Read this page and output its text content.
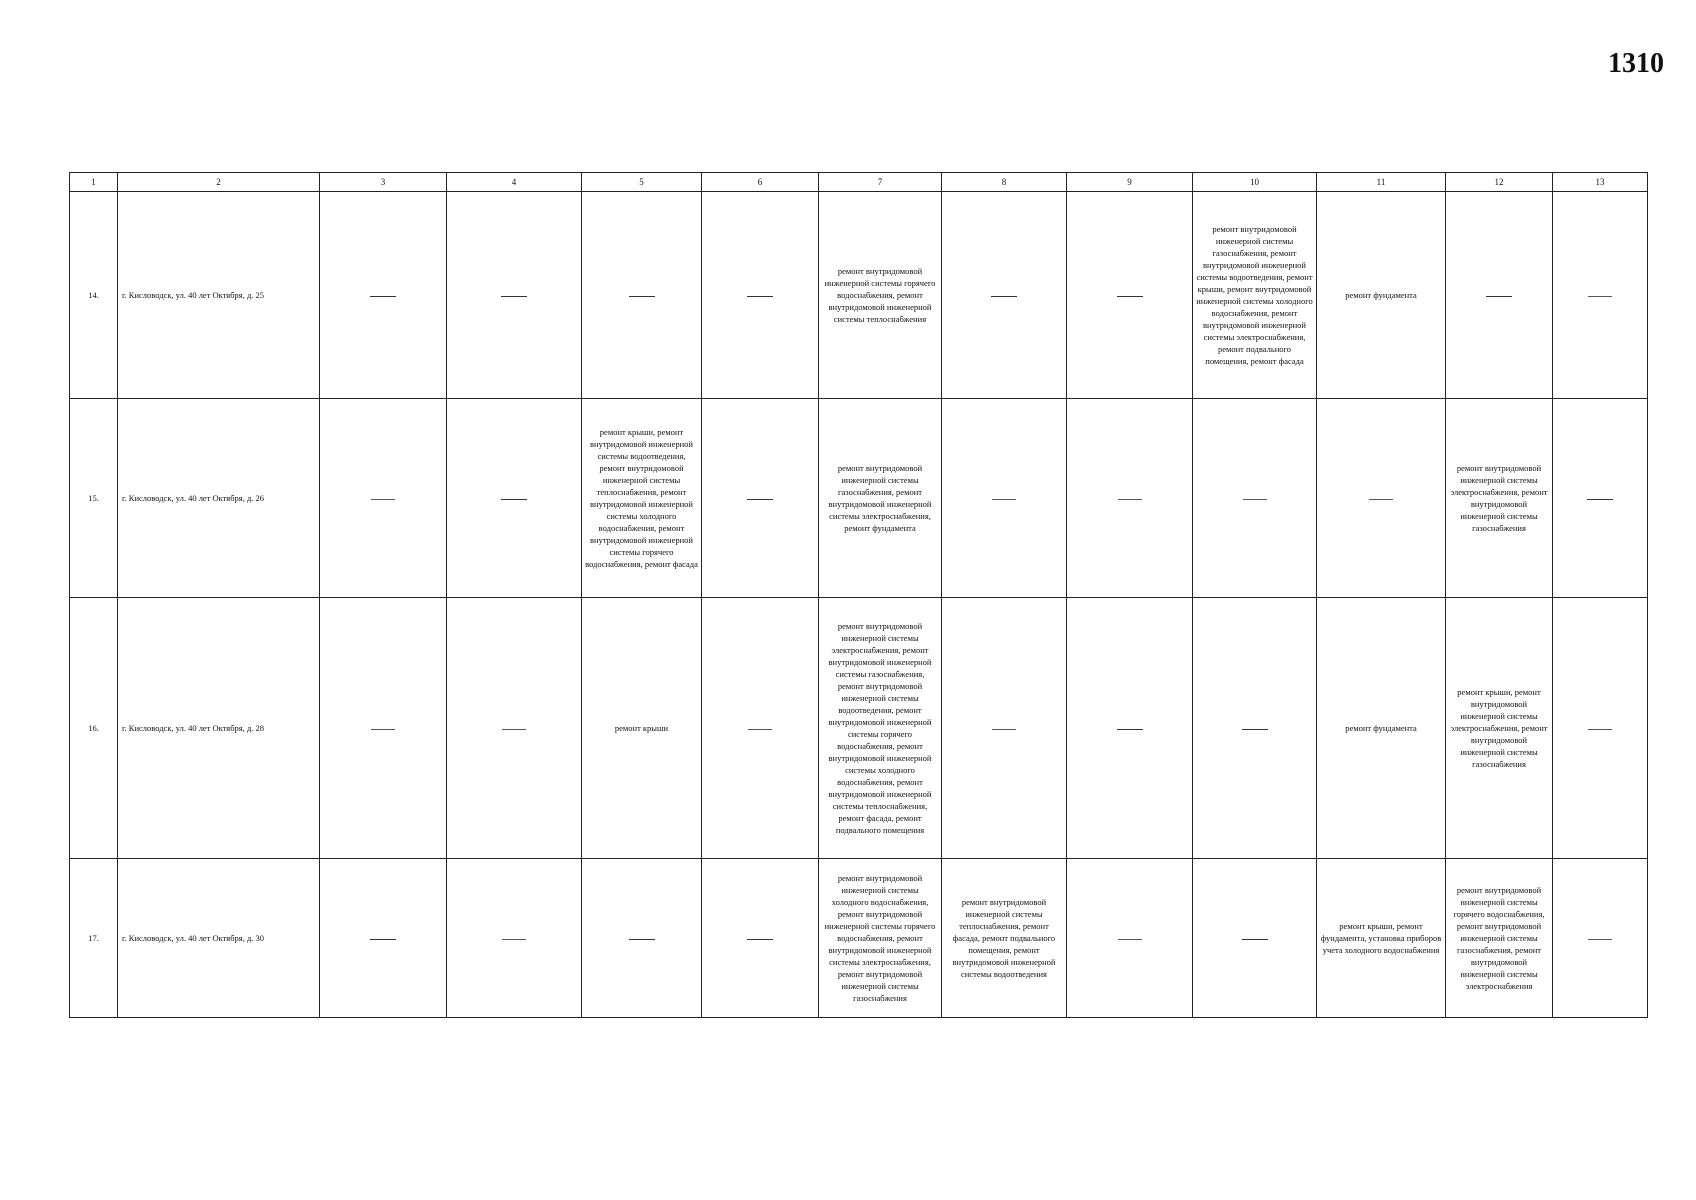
1310
1	2	3	4	5	6	7	8	9	10	11	12	13
14.	г. Кисловодск, ул. 40 лет Октября, д. 25					ремонт внутридомовой инженерной системы горячего водоснабжения, ремонт внутридомовой инженерной системы теплоснабжения			ремонт внутридомовой инженерной системы газоснабжения, ремонт внутридомовой инженерной системы водоотведения, ремонт крыши, ремонт внутридомовой инженерной системы холодного водоснабжения, ремонт внутридомовой инженерной системы электроснабжения, ремонт подвального помещения, ремонт фасада	ремонт фундамента		
15.	г. Кисловодск, ул. 40 лет Октября, д. 26			ремонт крыши, ремонт внутридомовой инженерной системы водоотведения, ремонт внутридомовой инженерной системы теплоснабжения, ремонт внутридомовой инженерной системы холодного водоснабжения, ремонт внутридомовой инженерной системы горячего водоснабжения, ремонт фасада		ремонт внутридомовой инженерной системы газоснабжения, ремонт внутридомовой инженерной системы электроснабжения, ремонт фундамента					ремонт внутридомовой инженерной системы электроснабжения, ремонт внутридомовой инженерной системы газоснабжения	
16.	г. Кисловодск, ул. 40 лет Октября, д. 28			ремонт крыши		ремонт внутридомовой инженерной системы электроснабжения, ремонт внутридомовой инженерной системы газоснабжения, ремонт внутридомовой инженерной системы водоотведения, ремонт внутридомовой инженерной системы горячего водоснабжения, ремонт внутридомовой инженерной системы холодного водоснабжения, ремонт внутридомовой инженерной системы теплоснабжения, ремонт фасада, ремонт подвального помещения				ремонт фундамента	ремонт крыши, ремонт внутридомовой инженерной системы электроснабжения, ремонт внутридомовой инженерной системы газоснабжения	
17.	г. Кисловодск, ул. 40 лет Октября, д. 30					ремонт внутридомовой инженерной системы холодного водоснабжения, ремонт внутридомовой инженерной системы горячего водоснабжения, ремонт внутридомовой инженерной системы электроснабжения, ремонт внутридомовой инженерной системы газоснабжения	ремонт внутридомовой инженерной системы теплоснабжения, ремонт фасада, ремонт подвального помещения, ремонт внутридомовой инженерной системы водоотведения			ремонт крыши, ремонт фундамента, установка приборов учета холодного водоснабжения	ремонт внутридомовой инженерной системы горячего водоснабжения, ремонт внутридомовой инженерной системы газоснабжения, ремонт внутридомовой инженерной системы электроснабжения	
